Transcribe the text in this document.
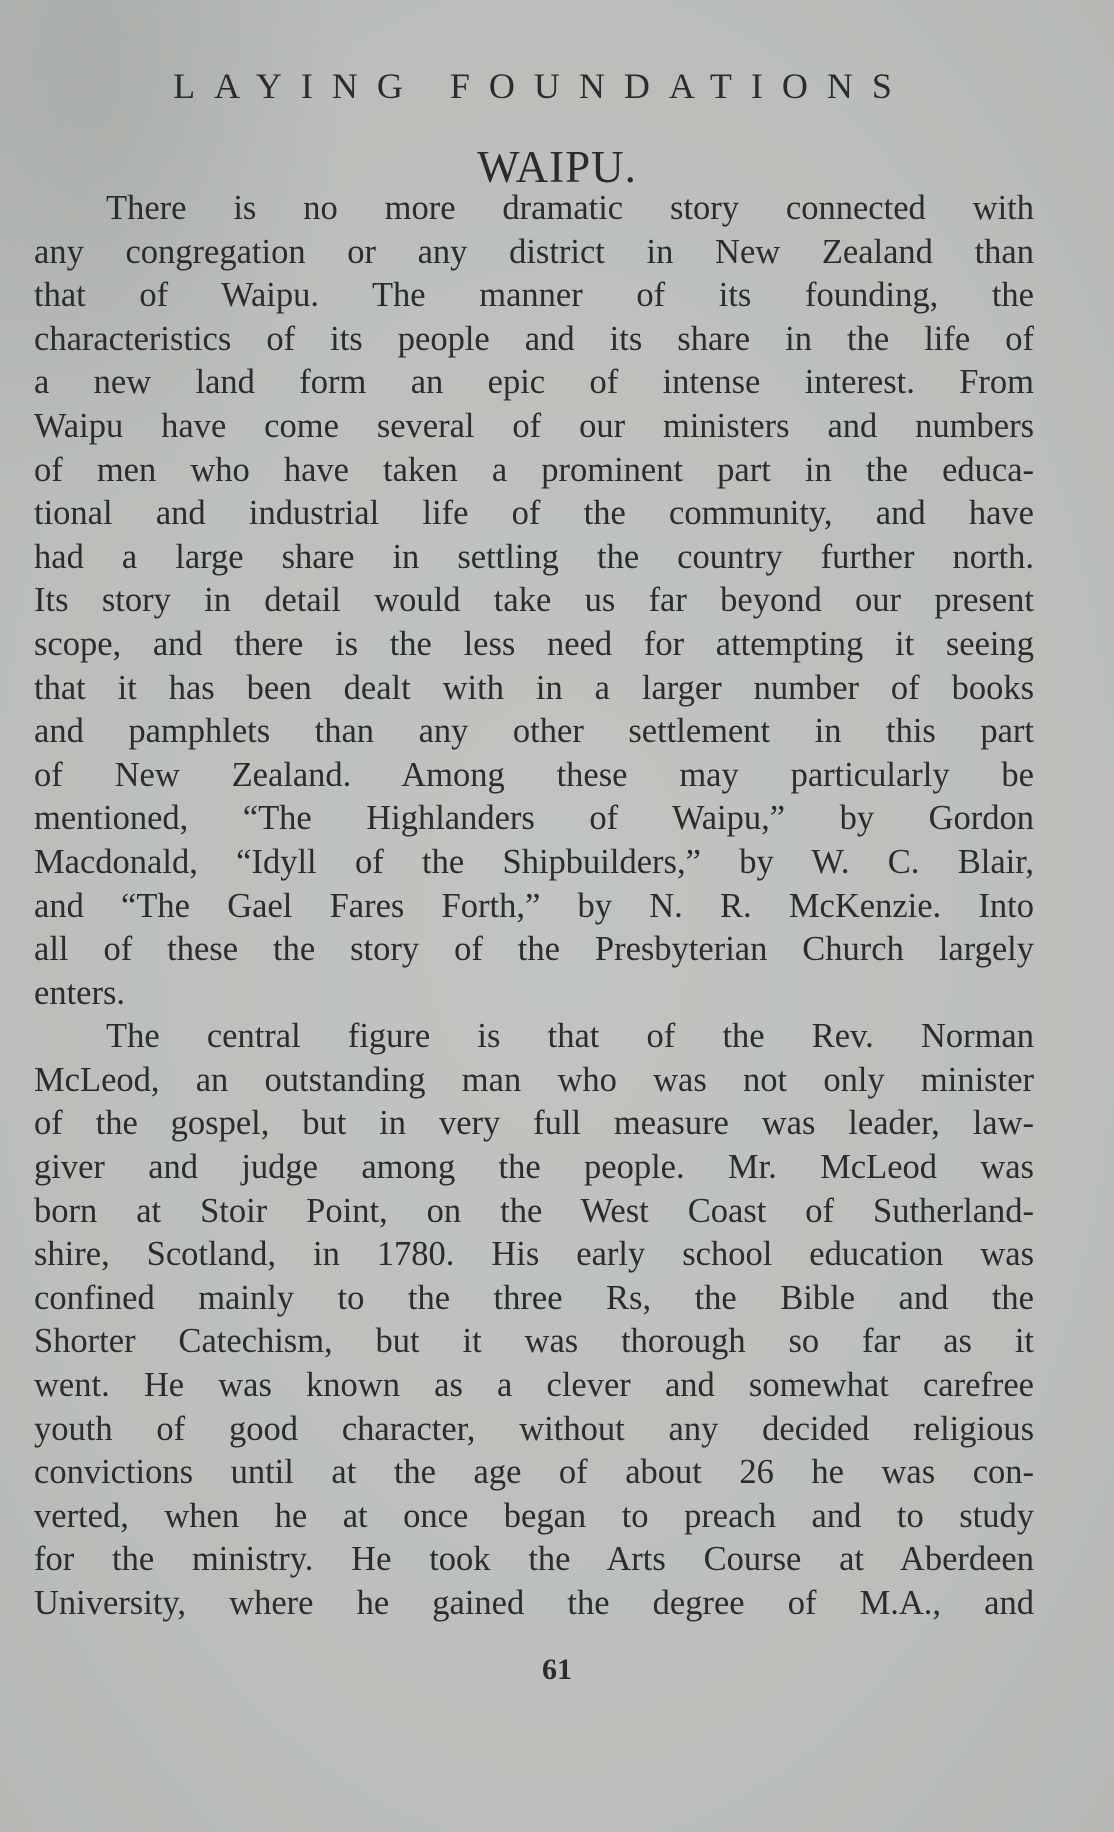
LAYING FOUNDATIONS
WAIPU.
There is no more dramatic story connected with
any congregation or any district in New Zealand than
that of Waipu. The manner of its founding, the
characteristics of its people and its share in the life of
a new land form an epic of intense interest. From
Waipu have come several of our ministers and numbers
of men who have taken a prominent part in the educa-
tional and industrial life of the community, and have
had a large share in settling the country further north.
Its story in detail would take us far beyond our present
scope, and there is the less need for attempting it seeing
that it has been dealt with in a larger number of books
and pamphlets than any other settlement in this part
of New Zealand. Among these may particularly be
mentioned, “The Highlanders of Waipu,” by Gordon
Macdonald, “Idyll of the Shipbuilders,” by W. C. Blair,
and “The Gael Fares Forth,” by N. R. McKenzie. Into
all of these the story of the Presbyterian Church largely
enters.
The central figure is that of the Rev. Norman
McLeod, an outstanding man who was not only minister
of the gospel, but in very full measure was leader, law-
giver and judge among the people. Mr. McLeod was
born at Stoir Point, on the West Coast of Sutherland-
shire, Scotland, in 1780. His early school education was
confined mainly to the three Rs, the Bible and the
Shorter Catechism, but it was thorough so far as it
went. He was known as a clever and somewhat carefree
youth of good character, without any decided religious
convictions until at the age of about 26 he was con-
verted, when he at once began to preach and to study
for the ministry. He took the Arts Course at Aberdeen
University, where he gained the degree of M.A., and
61
